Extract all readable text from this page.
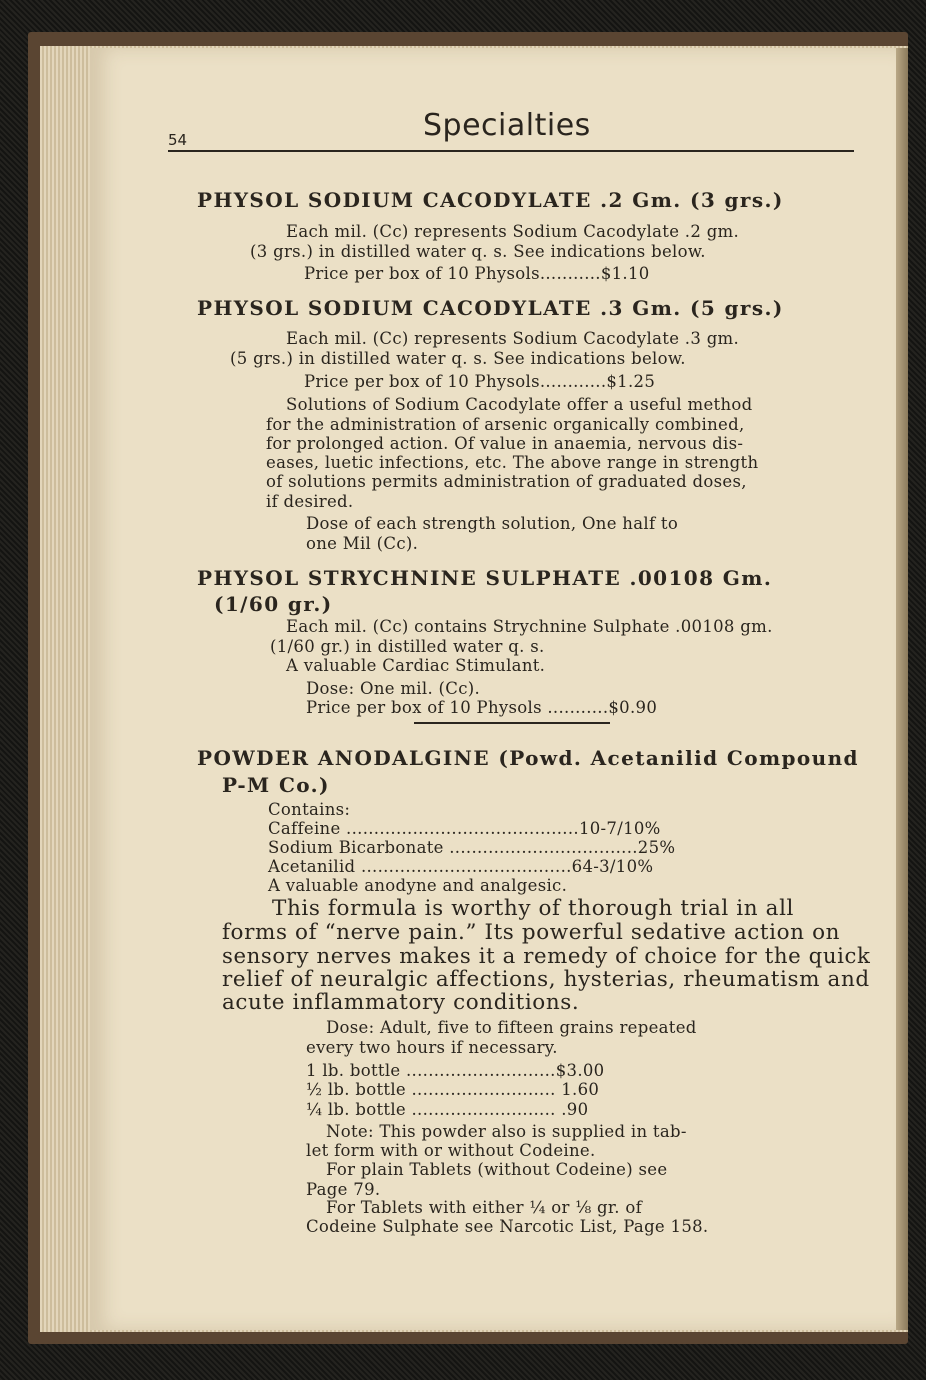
54	Specialties
PHYSOL SODIUM CACODYLATE .2 Gm. (3 grs.)
Each mil. (Cc) represents Sodium Cacodylate .2 gm.
(3 grs.) in distilled water q. s. See indications below.
Price per box of 10 Physols...........$1.10
PHYSOL SODIUM CACODYLATE .3 Gm. (5 grs.)
Each mil. (Cc) represents Sodium Cacodylate .3 gm.
(5 grs.) in distilled water q. s. See indications below.
Price per box of 10 Physols............$1.25
Solutions of Sodium Cacodylate offer a useful method
for the administration of arsenic organically combined,
for prolonged action. Of value in anaemia, nervous dis-
eases, luetic infections, etc. The above range in strength
of solutions permits administration of graduated doses,
if desired.
Dose of each strength solution, One half to
one Mil (Cc).
PHYSOL STRYCHNINE SULPHATE .00108 Gm.
(1/60 gr.)
Each mil. (Cc) contains Strychnine Sulphate .00108 gm.
(1/60 gr.) in distilled water q. s.
A valuable Cardiac Stimulant.
Dose: One mil. (Cc).
Price per box of 10 Physols ...........$0.90
POWDER ANODALGINE (Powd. Acetanilid Compound
P-M Co.)
Contains:
Caffeine ..........................................10-7/10%
Sodium Bicarbonate ..................................25%
Acetanilid ......................................64-3/10%
A valuable anodyne and analgesic.
This formula is worthy of thorough trial in all
forms of “nerve pain.” Its powerful sedative action on
sensory nerves makes it a remedy of choice for the quick
relief of neuralgic affections, hysterias, rheumatism and
acute inflammatory conditions.
Dose: Adult, five to fifteen grains repeated
every two hours if necessary.
1 lb. bottle ...........................$3.00
½ lb. bottle .......................... 1.60
¼ lb. bottle .......................... .90
Note: This powder also is supplied in tab-
let form with or without Codeine.
For plain Tablets (without Codeine) see
Page 79.
For Tablets with either ¼ or ⅛ gr. of
Codeine Sulphate see Narcotic List, Page 158.
